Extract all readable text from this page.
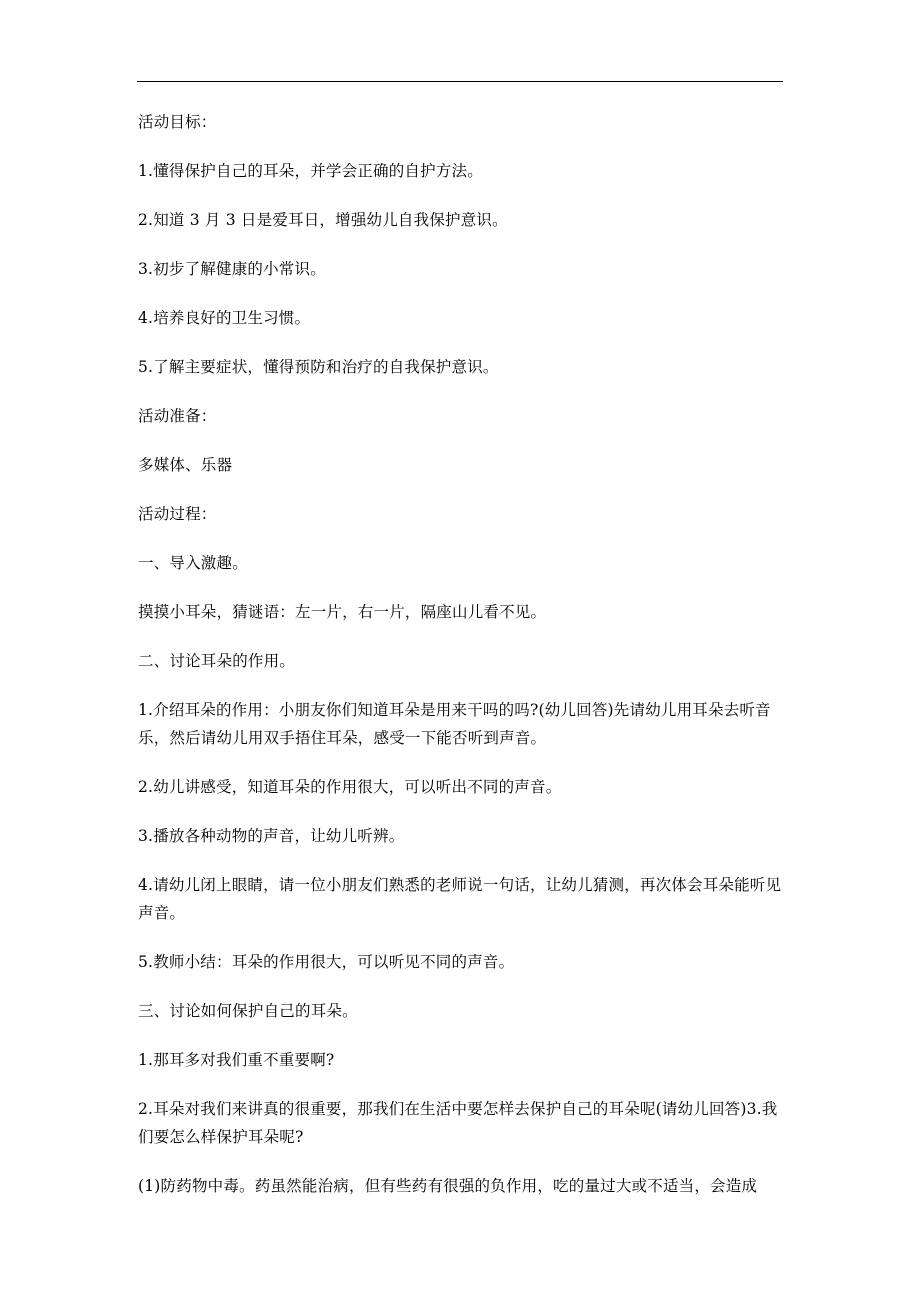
活动目标：

1.懂得保护自己的耳朵，并学会正确的自护方法。

2.知道 3 月 3 日是爱耳日，增强幼儿自我保护意识。

3.初步了解健康的小常识。

4.培养良好的卫生习惯。

5.了解主要症状，懂得预防和治疗的自我保护意识。

活动准备：

多媒体、乐器

活动过程：

一、导入激趣。

摸摸小耳朵，猜谜语：左一片，右一片，隔座山儿看不见。

二、讨论耳朵的作用。

1.介绍耳朵的作用：小朋友你们知道耳朵是用来干吗的吗?(幼儿回答)先请幼儿用耳朵去听音乐，然后请幼儿用双手捂住耳朵，感受一下能否听到声音。

2.幼儿讲感受，知道耳朵的作用很大，可以听出不同的声音。

3.播放各种动物的声音，让幼儿听辨。

4.请幼儿闭上眼睛，请一位小朋友们熟悉的老师说一句话，让幼儿猜测，再次体会耳朵能听见声音。

5.教师小结：耳朵的作用很大，可以听见不同的声音。

三、讨论如何保护自己的耳朵。

1.那耳多对我们重不重要啊?

2.耳朵对我们来讲真的很重要，那我们在生活中要怎样去保护自己的耳朵呢(请幼儿回答)3.我们要怎么样保护耳朵呢?

(1)防药物中毒。药虽然能治病，但有些药有很强的负作用，吃的量过大或不适当，会造成
